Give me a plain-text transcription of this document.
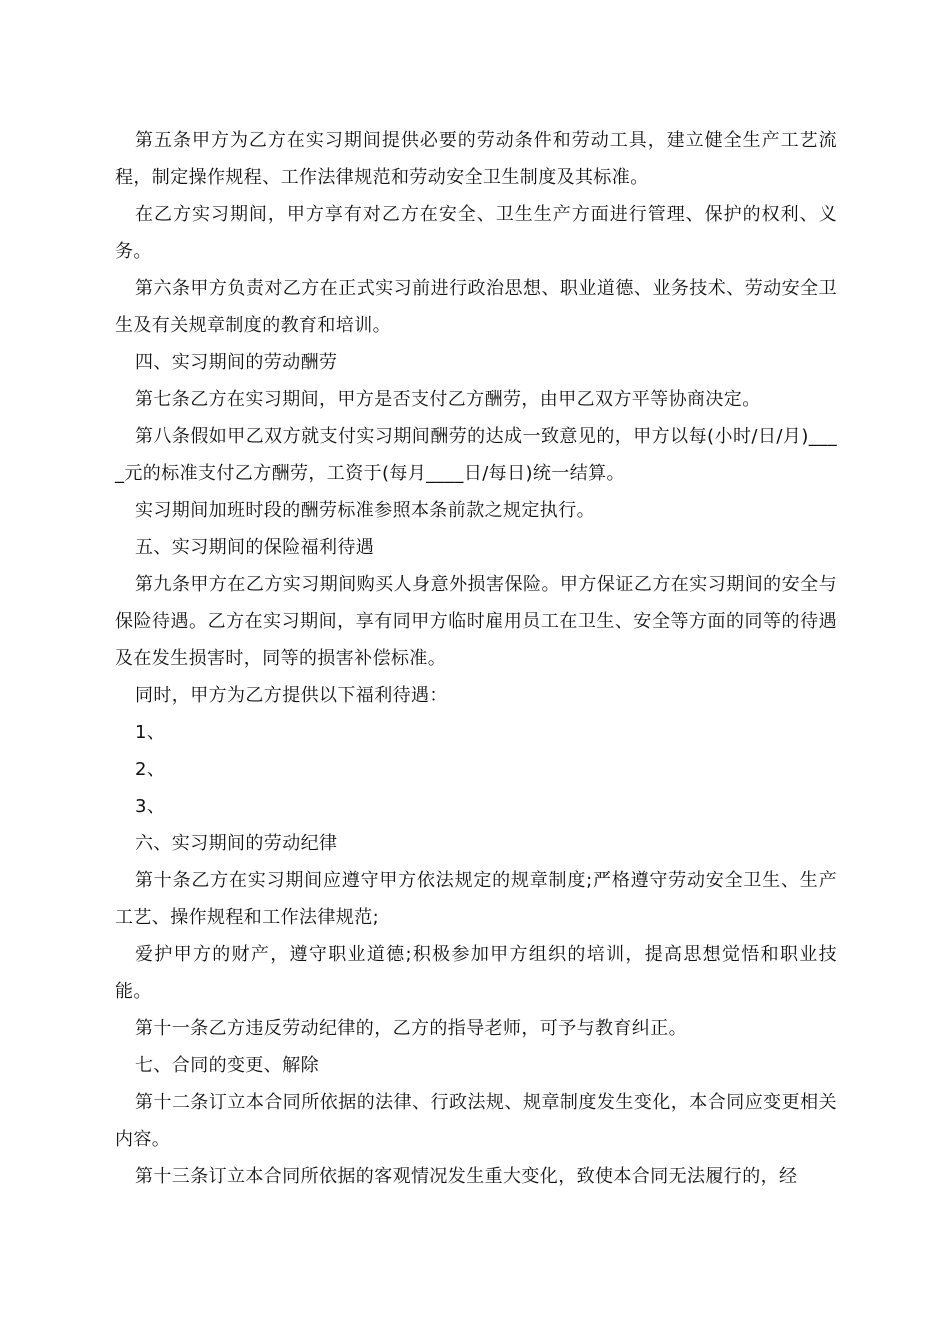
第五条甲方为乙方在实习期间提供必要的劳动条件和劳动工具，建立健全生产工艺流程，制定操作规程、工作法律规范和劳动安全卫生制度及其标准。

在乙方实习期间，甲方享有对乙方在安全、卫生生产方面进行管理、保护的权利、义务。

第六条甲方负责对乙方在正式实习前进行政治思想、职业道德、业务技术、劳动安全卫生及有关规章制度的教育和培训。

四、实习期间的劳动酬劳

第七条乙方在实习期间，甲方是否支付乙方酬劳，由甲乙双方平等协商决定。

第八条假如甲乙双方就支付实习期间酬劳的达成一致意见的，甲方以每(小时/日/月)____元的标准支付乙方酬劳，工资于(每月____日/每日)统一结算。

实习期间加班时段的酬劳标准参照本条前款之规定执行。

五、实习期间的保险福利待遇

第九条甲方在乙方实习期间购买人身意外损害保险。甲方保证乙方在实习期间的安全与保险待遇。乙方在实习期间，享有同甲方临时雇用员工在卫生、安全等方面的同等的待遇及在发生损害时，同等的损害补偿标准。

同时，甲方为乙方提供以下福利待遇：

1、

2、

3、

六、实习期间的劳动纪律

第十条乙方在实习期间应遵守甲方依法规定的规章制度;严格遵守劳动安全卫生、生产工艺、操作规程和工作法律规范;

爱护甲方的财产，遵守职业道德;积极参加甲方组织的培训，提高思想觉悟和职业技能。

第十一条乙方违反劳动纪律的，乙方的指导老师，可予与教育纠正。

七、合同的变更、解除

第十二条订立本合同所依据的法律、行政法规、规章制度发生变化，本合同应变更相关内容。

第十三条订立本合同所依据的客观情况发生重大变化，致使本合同无法履行的，经
